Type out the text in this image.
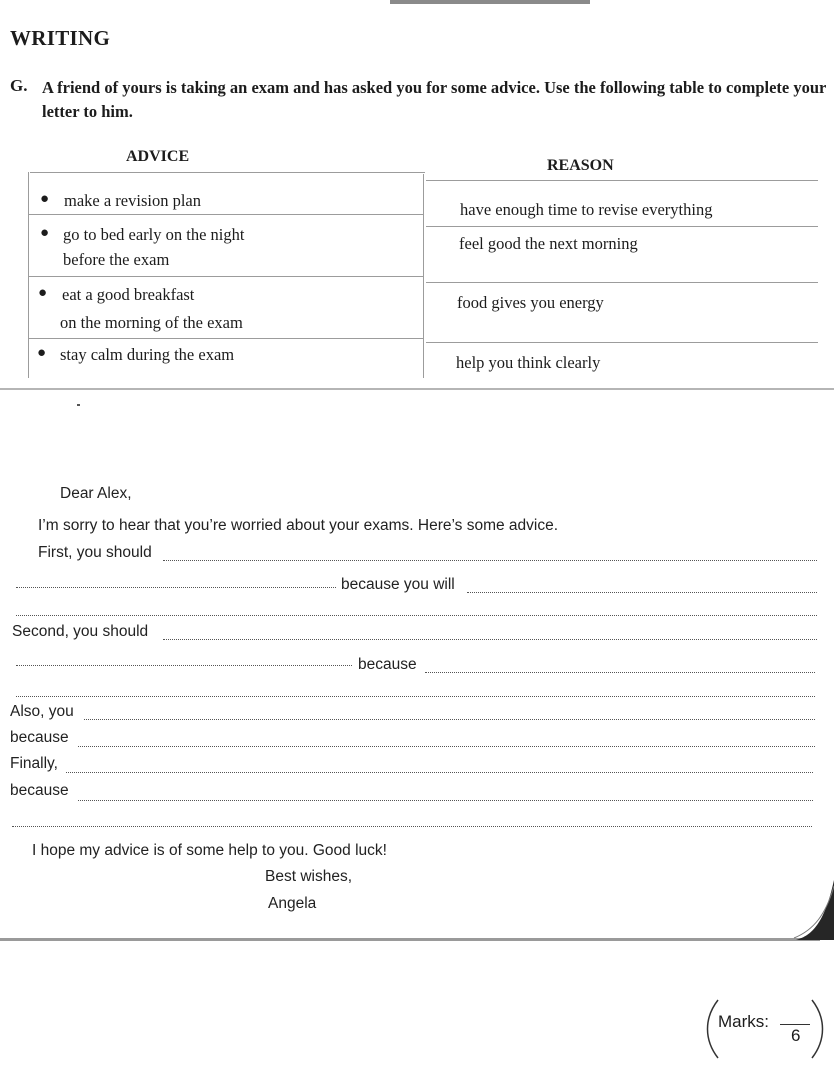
WRITING
G. A friend of yours is taking an exam and has asked you for some advice. Use the following table to complete your letter to him.
ADVICE
REASON
● make a revision plan	have enough time to revise everything
● go to bed early on the night
before the exam
feel good the next morning
● eat a good breakfast
on the morning of the exam
food gives you energy
● stay calm during the exam	help you think clearly
Dear Alex,
I’m sorry to hear that you’re worried about your exams. Here’s some advice.
First, you should
because you will
Second, you should
because
Also, you
because
Finally,
because
I hope my advice is of some help to you. Good luck!
Best wishes,
Angela
Marks:
6
